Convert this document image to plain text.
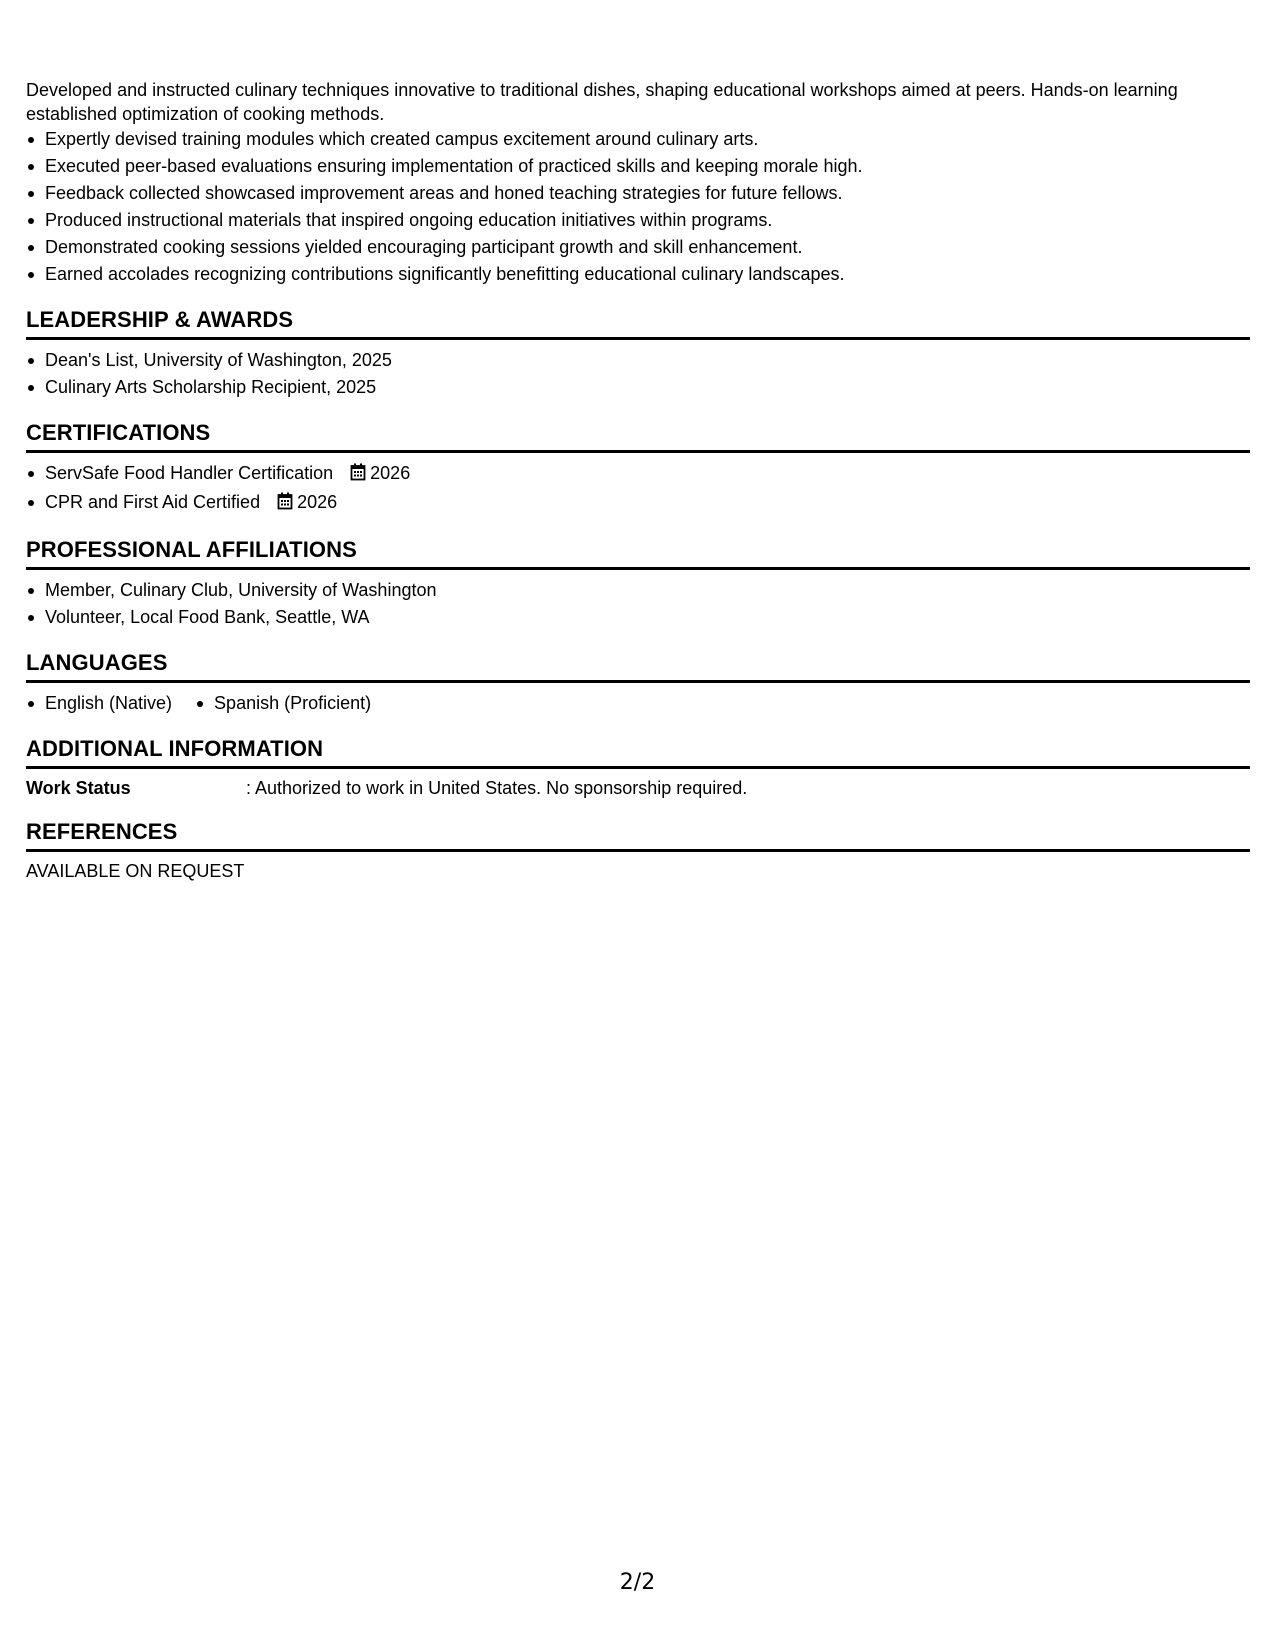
Developed and instructed culinary techniques innovative to traditional dishes, shaping educational workshops aimed at peers. Hands-on learning established optimization of cooking methods.

Expertly devised training modules which created campus excitement around culinary arts.
Executed peer-based evaluations ensuring implementation of practiced skills and keeping morale high.
Feedback collected showcased improvement areas and honed teaching strategies for future fellows.
Produced instructional materials that inspired ongoing education initiatives within programs.
Demonstrated cooking sessions yielded encouraging participant growth and skill enhancement.
Earned accolades recognizing contributions significantly benefitting educational culinary landscapes.
LEADERSHIP & AWARDS
Dean's List, University of Washington, 2025
Culinary Arts Scholarship Recipient, 2025
CERTIFICATIONS
ServSafe Food Handler Certification 2026
CPR and First Aid Certified 2026
PROFESSIONAL AFFILIATIONS
Member, Culinary Club, University of Washington
Volunteer, Local Food Bank, Seattle, WA
LANGUAGES
English (Native) Spanish (Proficient)
ADDITIONAL INFORMATION
Work Status	: Authorized to work in United States. No sponsorship required.
REFERENCES

AVAILABLE ON REQUEST

2/2
